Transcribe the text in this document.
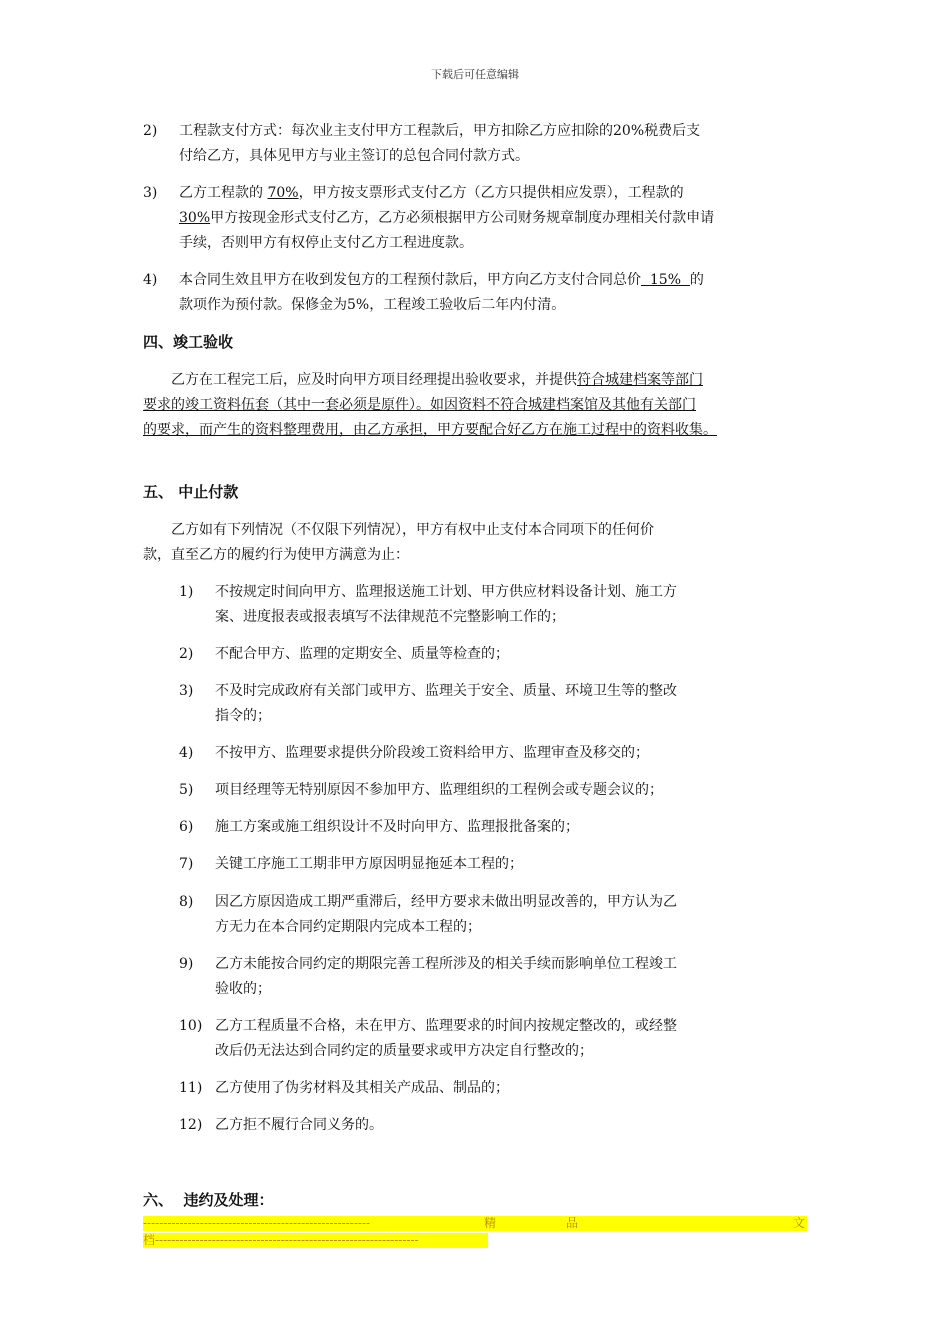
下载后可任意编辑
2) 工程款支付方式：每次业主支付甲方工程款后，甲方扣除乙方应扣除的20%税费后支
付给乙方，具体见甲方与业主签订的总包合同付款方式。
3) 乙方工程款的 70%，甲方按支票形式支付乙方（乙方只提供相应发票），工程款的
30%甲方按现金形式支付乙方，乙方必须根据甲方公司财务规章制度办理相关付款申请
手续，否则甲方有权停止支付乙方工程进度款。
4) 本合同生效且甲方在收到发包方的工程预付款后，甲方向乙方支付合同总价  15%  的
款项作为预付款。保修金为5%，工程竣工验收后二年内付清。
四、竣工验收
乙方在工程完工后，应及时向甲方项目经理提出验收要求，并提供符合城建档案等部门
要求的竣工资料伍套（其中一套必须是原件）。如因资料不符合城建档案馆及其他有关部门
的要求，而产生的资料整理费用，由乙方承担，甲方要配合好乙方在施工过程中的资料收集。
五、 中止付款
乙方如有下列情况（不仅限下列情况），甲方有权中止支付本合同项下的任何价
款，直至乙方的履约行为使甲方满意为止：
1) 不按规定时间向甲方、监理报送施工计划、甲方供应材料设备计划、施工方
案、进度报表或报表填写不法律规范不完整影响工作的；
2) 不配合甲方、监理的定期安全、质量等检查的；
3) 不及时完成政府有关部门或甲方、监理关于安全、质量、环境卫生等的整改
指令的；
4) 不按甲方、监理要求提供分阶段竣工资料给甲方、监理审查及移交的；
5) 项目经理等无特别原因不参加甲方、监理组织的工程例会或专题会议的；
6) 施工方案或施工组织设计不及时向甲方、监理报批备案的；
7) 关键工序施工工期非甲方原因明显拖延本工程的；
8) 因乙方原因造成工期严重滞后，经甲方要求未做出明显改善的，甲方认为乙
方无力在本合同约定期限内完成本工程的；
9) 乙方未能按合同约定的期限完善工程所涉及的相关手续而影响单位工程竣工
验收的；
10) 乙方工程质量不合格，未在甲方、监理要求的时间内按规定整改的，或经整
改后仍无法达到合同约定的质量要求或甲方决定自行整改的；
11) 乙方使用了伪劣材料及其相关产成品、制品的；
12) 乙方拒不履行合同义务的。
六、  违约及处理：
--------------------------------------------------------	精	品	文
档-----------------------------------------------------------------
